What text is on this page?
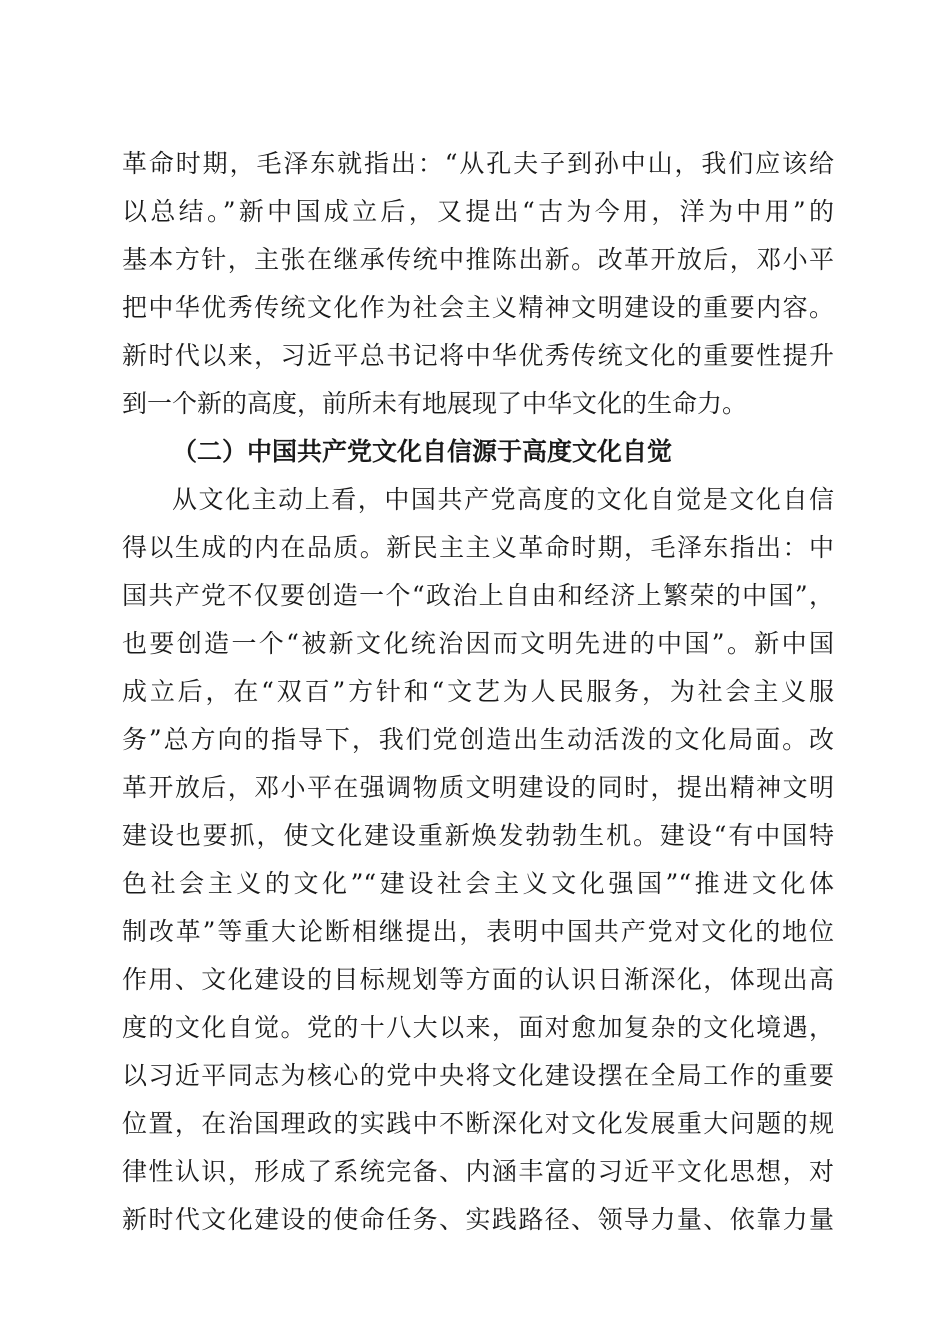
革命时期，毛泽东就指出：“从孔夫子到孙中山，我们应该给
以总结。”新中国成立后，又提出“古为今用，洋为中用”的
基本方针，主张在继承传统中推陈出新。改革开放后，邓小平
把中华优秀传统文化作为社会主义精神文明建设的重要内容。
新时代以来，习近平总书记将中华优秀传统文化的重要性提升
到一个新的高度，前所未有地展现了中华文化的生命力。
（二）中国共产党文化自信源于高度文化自觉
从文化主动上看，中国共产党高度的文化自觉是文化自信
得以生成的内在品质。新民主主义革命时期，毛泽东指出：中
国共产党不仅要创造一个“政治上自由和经济上繁荣的中国”，
也要创造一个“被新文化统治因而文明先进的中国”。新中国
成立后，在“双百”方针和“文艺为人民服务，为社会主义服
务”总方向的指导下，我们党创造出生动活泼的文化局面。改
革开放后，邓小平在强调物质文明建设的同时，提出精神文明
建设也要抓，使文化建设重新焕发勃勃生机。建设“有中国特
色社会主义的文化”“建设社会主义文化强国”“推进文化体
制改革”等重大论断相继提出，表明中国共产党对文化的地位
作用、文化建设的目标规划等方面的认识日渐深化，体现出高
度的文化自觉。党的十八大以来，面对愈加复杂的文化境遇，
以习近平同志为核心的党中央将文化建设摆在全局工作的重要
位置，在治国理政的实践中不断深化对文化发展重大问题的规
律性认识，形成了系统完备、内涵丰富的习近平文化思想，对
新时代文化建设的使命任务、实践路径、领导力量、依靠力量
